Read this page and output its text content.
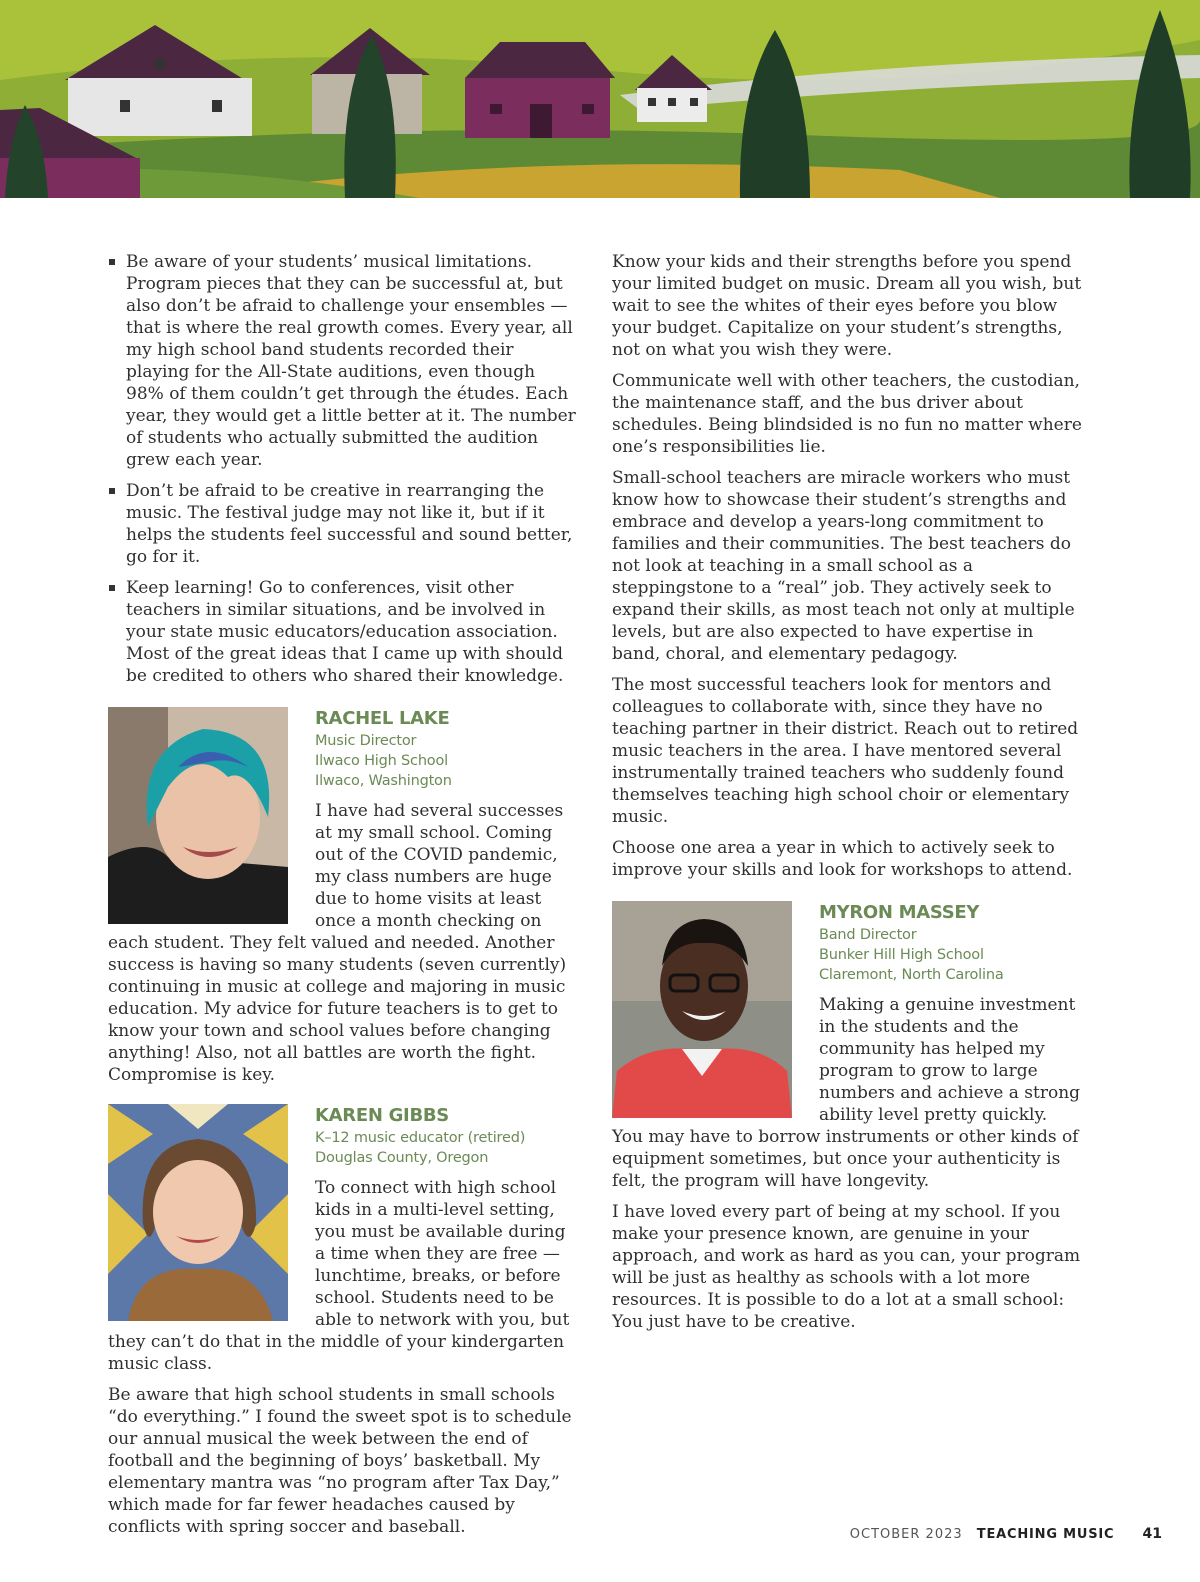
Be aware of your students’ musical limitations. Program pieces that they can be successful at, but also don’t be afraid to challenge your ensembles — that is where the real growth comes. Every year, all my high school band students recorded their playing for the All-State auditions, even though 98% of them couldn’t get through the études. Each year, they would get a little better at it. The number of students who actually submitted the audition grew each year.
Don’t be afraid to be creative in rearranging the music. The festival judge may not like it, but if it helps the students feel successful and sound better, go for it.
Keep learning! Go to conferences, visit other teachers in similar situations, and be involved in your state music educators/education association. Most of the great ideas that I came up with should be credited to others who shared their knowledge.
RACHEL LAKE
Music Director
Ilwaco High School
Ilwaco, Washington

I have had several successes at my small school. Coming out of the COVID pandemic, my class numbers are huge due to home visits at least once a month checking on each student. They felt valued and needed. Another success is having so many students (seven currently) continuing in music at college and majoring in music education. My advice for future teachers is to get to know your town and school values before changing anything! Also, not all battles are worth the fight. Compromise is key.

KAREN GIBBS
K–12 music educator (retired)
Douglas County, Oregon

To connect with high school kids in a multi-level setting, you must be available during a time when they are free — lunchtime, breaks, or before school. Students need to be able to network with you, but they can’t do that in the middle of your kindergarten music class.

Be aware that high school students in small schools “do everything.” I found the sweet spot is to schedule our annual musical the week between the end of football and the beginning of boys’ basketball. My elementary mantra was “no program after Tax Day,” which made for far fewer headaches caused by conflicts with spring soccer and baseball.

Know your kids and their strengths before you spend your limited budget on music. Dream all you wish, but wait to see the whites of their eyes before you blow your budget. Capitalize on your student’s strengths, not on what you wish they were.

Communicate well with other teachers, the custodian, the maintenance staff, and the bus driver about schedules. Being blindsided is no fun no matter where one’s responsibilities lie.

Small-school teachers are miracle workers who must know how to showcase their student’s strengths and embrace and develop a years-long commitment to families and their communities. The best teachers do not look at teaching in a small school as a steppingstone to a “real” job. They actively seek to expand their skills, as most teach not only at multiple levels, but are also expected to have expertise in band, choral, and elementary pedagogy.

The most successful teachers look for mentors and colleagues to collaborate with, since they have no teaching partner in their district. Reach out to retired music teachers in the area. I have mentored several instrumentally trained teachers who suddenly found themselves teaching high school choir or elementary music.

Choose one area a year in which to actively seek to improve your skills and look for workshops to attend.

MYRON MASSEY
Band Director
Bunker Hill High School
Claremont, North Carolina

Making a genuine investment in the students and the community has helped my program to grow to large numbers and achieve a strong ability level pretty quickly. You may have to borrow instruments or other kinds of equipment sometimes, but once your authenticity is felt, the program will have longevity.

I have loved every part of being at my school. If you make your presence known, are genuine in your approach, and work as hard as you can, your program will be just as healthy as schools with a lot more resources. It is possible to do a lot at a small school: You just have to be creative.

OCTOBER 2023 TEACHING MUSIC 41
